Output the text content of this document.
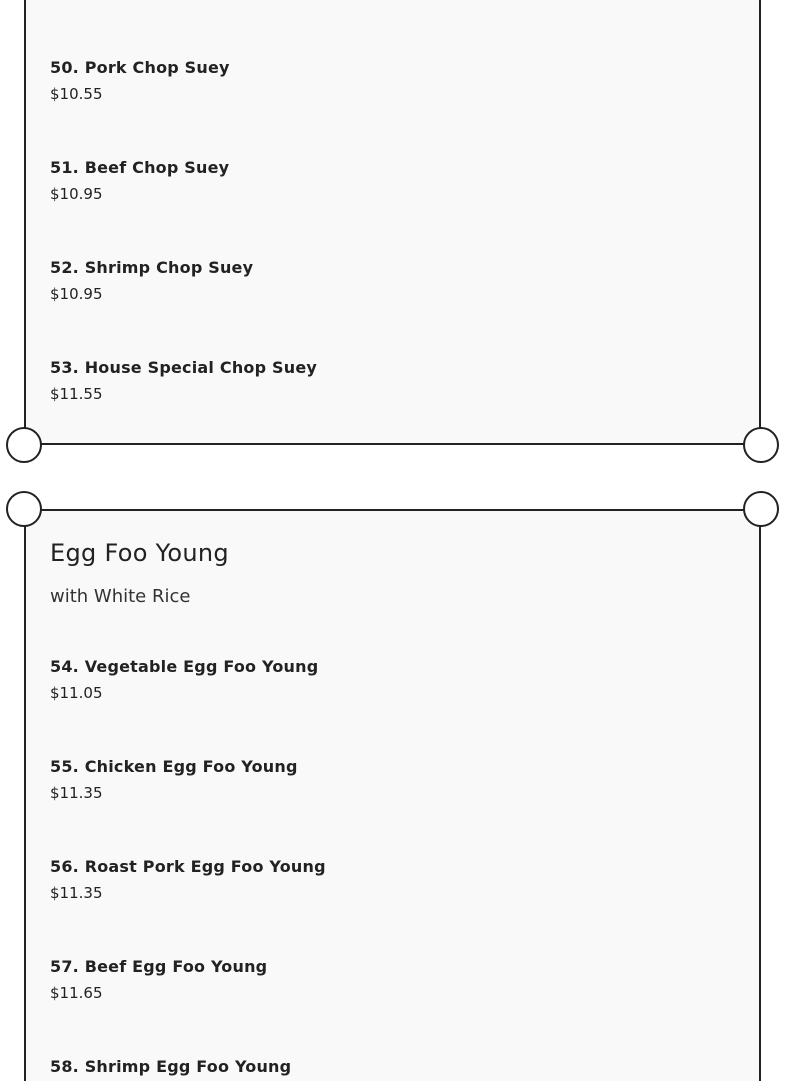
50. Pork Chop Suey
$10.55
51. Beef Chop Suey
$10.95
52. Shrimp Chop Suey
$10.95
53. House Special Chop Suey
$11.55
Egg Foo Young
with White Rice
54. Vegetable Egg Foo Young
$11.05
55. Chicken Egg Foo Young
$11.35
56. Roast Pork Egg Foo Young
$11.35
57. Beef Egg Foo Young
$11.65
58. Shrimp Egg Foo Young
